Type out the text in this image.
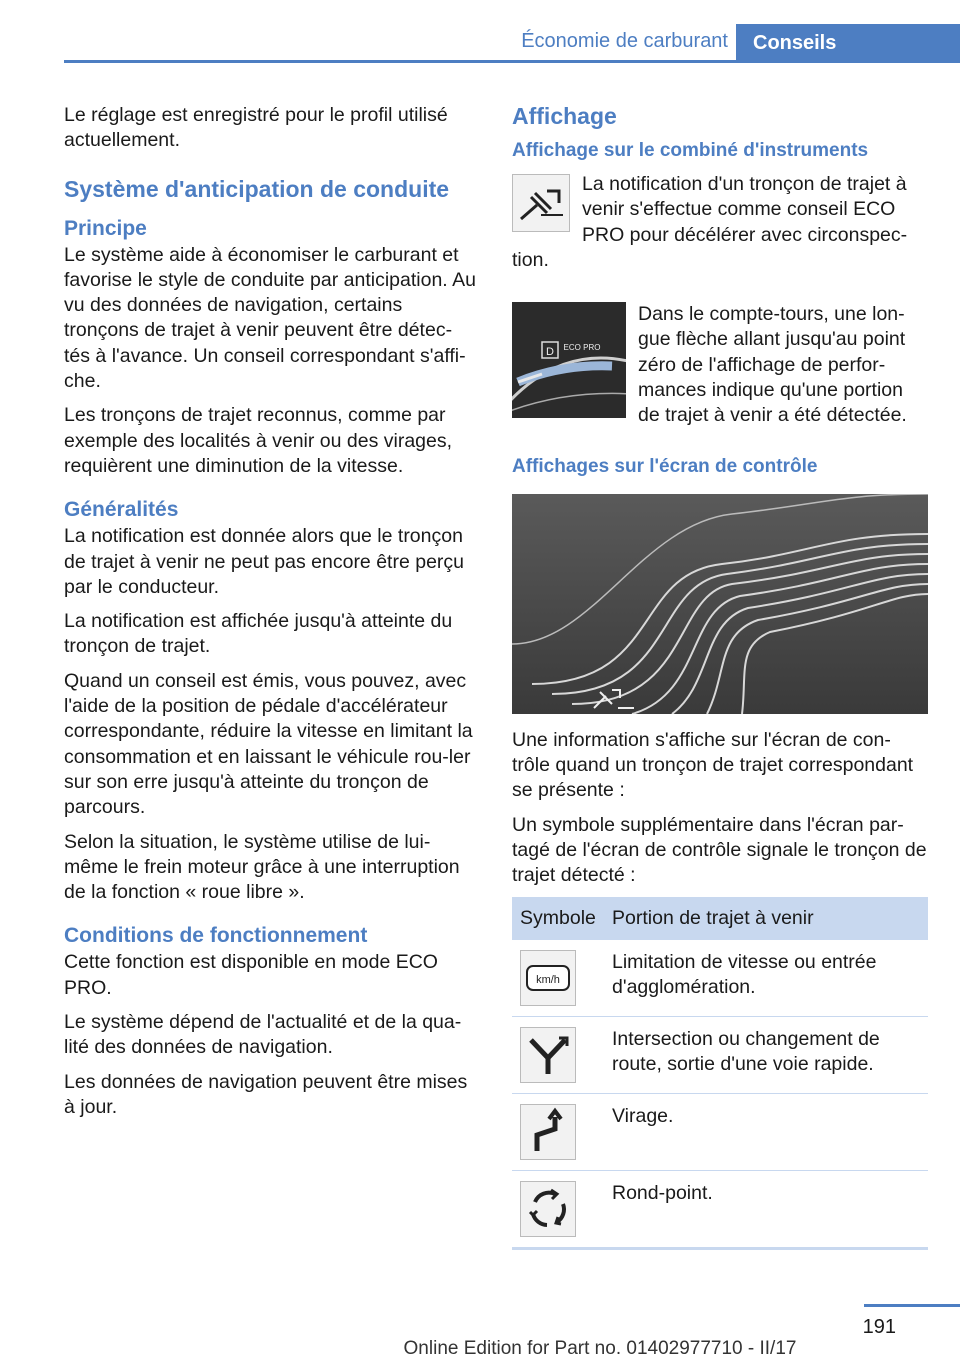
Économie de carburant	Conseils

Le réglage est enregistré pour le profil utilisé actuellement.

Système d'anticipation de conduite
Principe

Le système aide à économiser le carburant et favorise le style de conduite par anticipation. Au vu des données de navigation, certains tronçons de trajet à venir peuvent être détec‐tés à l'avance. Un conseil correspondant s'affi‐che.

Les tronçons de trajet reconnus, comme par exemple des localités à venir ou des virages, requièrent une diminution de la vitesse.

Généralités

La notification est donnée alors que le tronçon de trajet à venir ne peut pas encore être perçu par le conducteur.

La notification est affichée jusqu'à atteinte du tronçon de trajet.

Quand un conseil est émis, vous pouvez, avec l'aide de la position de pédale d'accélérateur correspondante, réduire la vitesse en limitant la consommation et en laissant le véhicule rou‐ler sur son erre jusqu'à atteinte du tronçon de parcours.

Selon la situation, le système utilise de lui-même le frein moteur grâce à une interruption de la fonction « roue libre ».

Conditions de fonctionnement

Cette fonction est disponible en mode ECO PRO.

Le système dépend de l'actualité et de la qua‐lité des données de navigation.

Les données de navigation peuvent être mises à jour.

Affichage
Affichage sur le combiné d'instruments

La notification d'un tronçon de trajet à venir s'effectue comme conseil ECO PRO pour décélérer avec circonspec‐tion.

D ECO PRO

Dans le compte-tours, une lon‐gue flèche allant jusqu'au point zéro de l'affichage de perfor‐mances indique qu'une portion de trajet à venir a été détectée.

Affichages sur l'écran de contrôle

Une information s'affiche sur l'écran de con‐trôle quand un tronçon de trajet correspondant se présente :

Un symbole supplémentaire dans l'écran par‐tagé de l'écran de contrôle signale le tronçon de trajet détecté :

Symbole	Portion de trajet à venir

km/h	Limitation de vitesse ou entrée d'agglomération.

	Intersection ou changement de route, sortie d'une voie rapide.

	Virage.

	Rond-point.
191
Online Edition for Part no. 01402977710 - II/17
